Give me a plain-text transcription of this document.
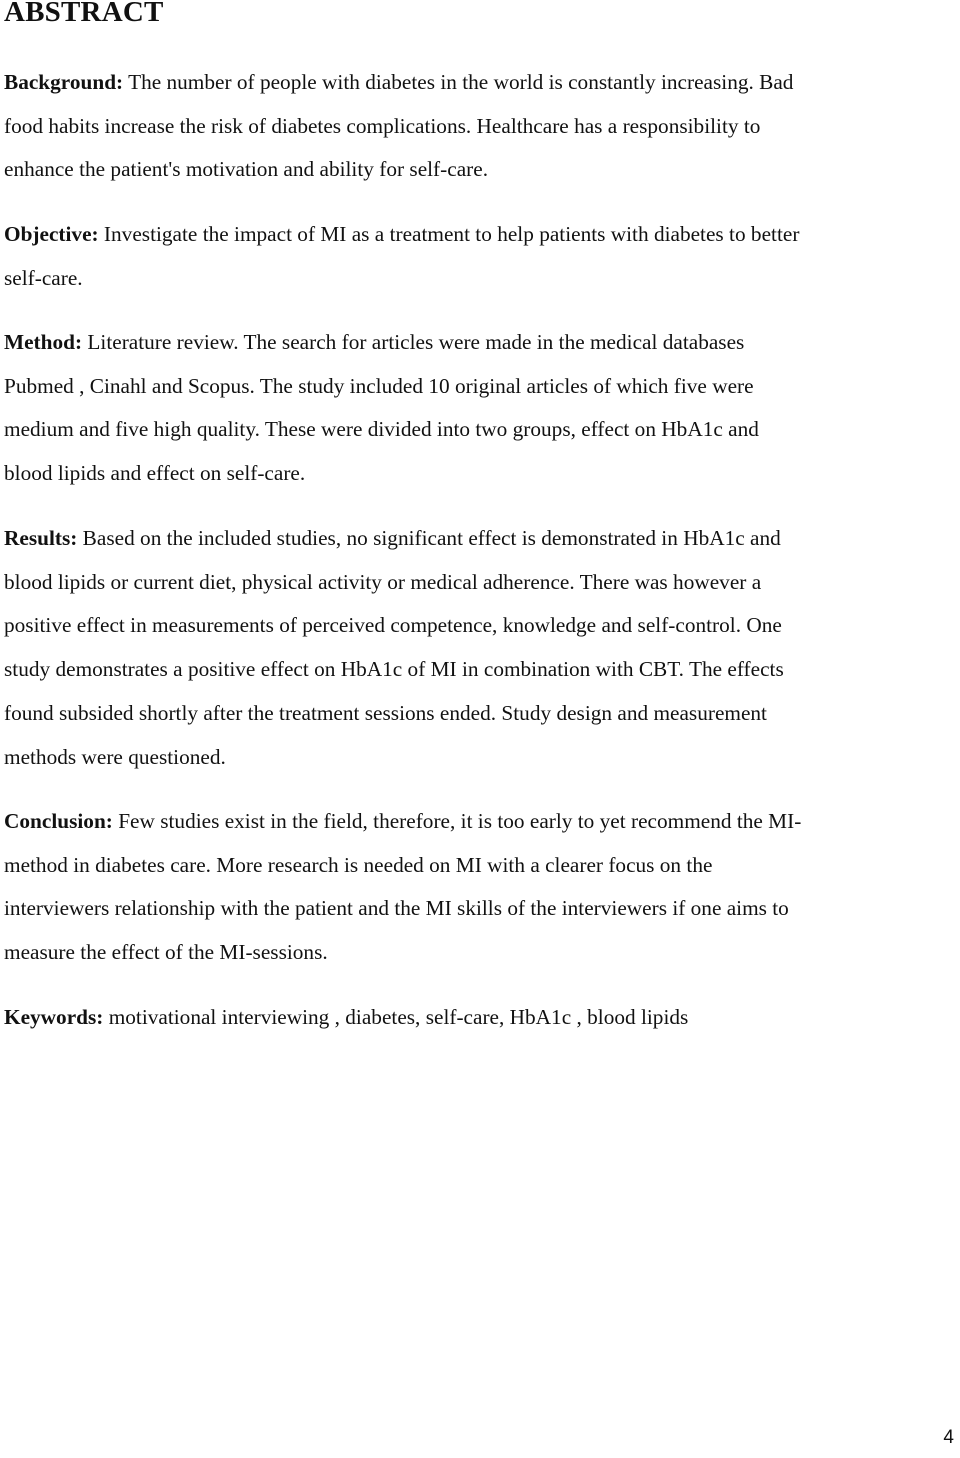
ABSTRACT

Background: The number of people with diabetes in the world is constantly increasing. Bad
food habits increase the risk of diabetes complications. Healthcare has a responsibility to
enhance the patient's motivation and ability for self-care.

Objective: Investigate the impact of MI as a treatment to help patients with diabetes to better
self-care.

Method: Literature review. The search for articles were made in the medical databases
Pubmed , Cinahl and Scopus. The study included 10 original articles of which five were
medium and five high quality. These were divided into two groups, effect on HbA1c and
blood lipids and effect on self-care.

Results: Based on the included studies, no significant effect is demonstrated in HbA1c and
blood lipids or current diet, physical activity or medical adherence. There was however a
positive effect in measurements of perceived competence, knowledge and self-control. One
study demonstrates a positive effect on HbA1c of MI in combination with CBT. The effects
found subsided shortly after the treatment sessions ended. Study design and measurement
methods were questioned.

Conclusion: Few studies exist in the field, therefore, it is too early to yet recommend the MI-
method in diabetes care. More research is needed on MI with a clearer focus on the
interviewers relationship with the patient and the MI skills of the interviewers if one aims to
measure the effect of the MI-sessions.

Keywords: motivational interviewing , diabetes, self-care, HbA1c , blood lipids

4
